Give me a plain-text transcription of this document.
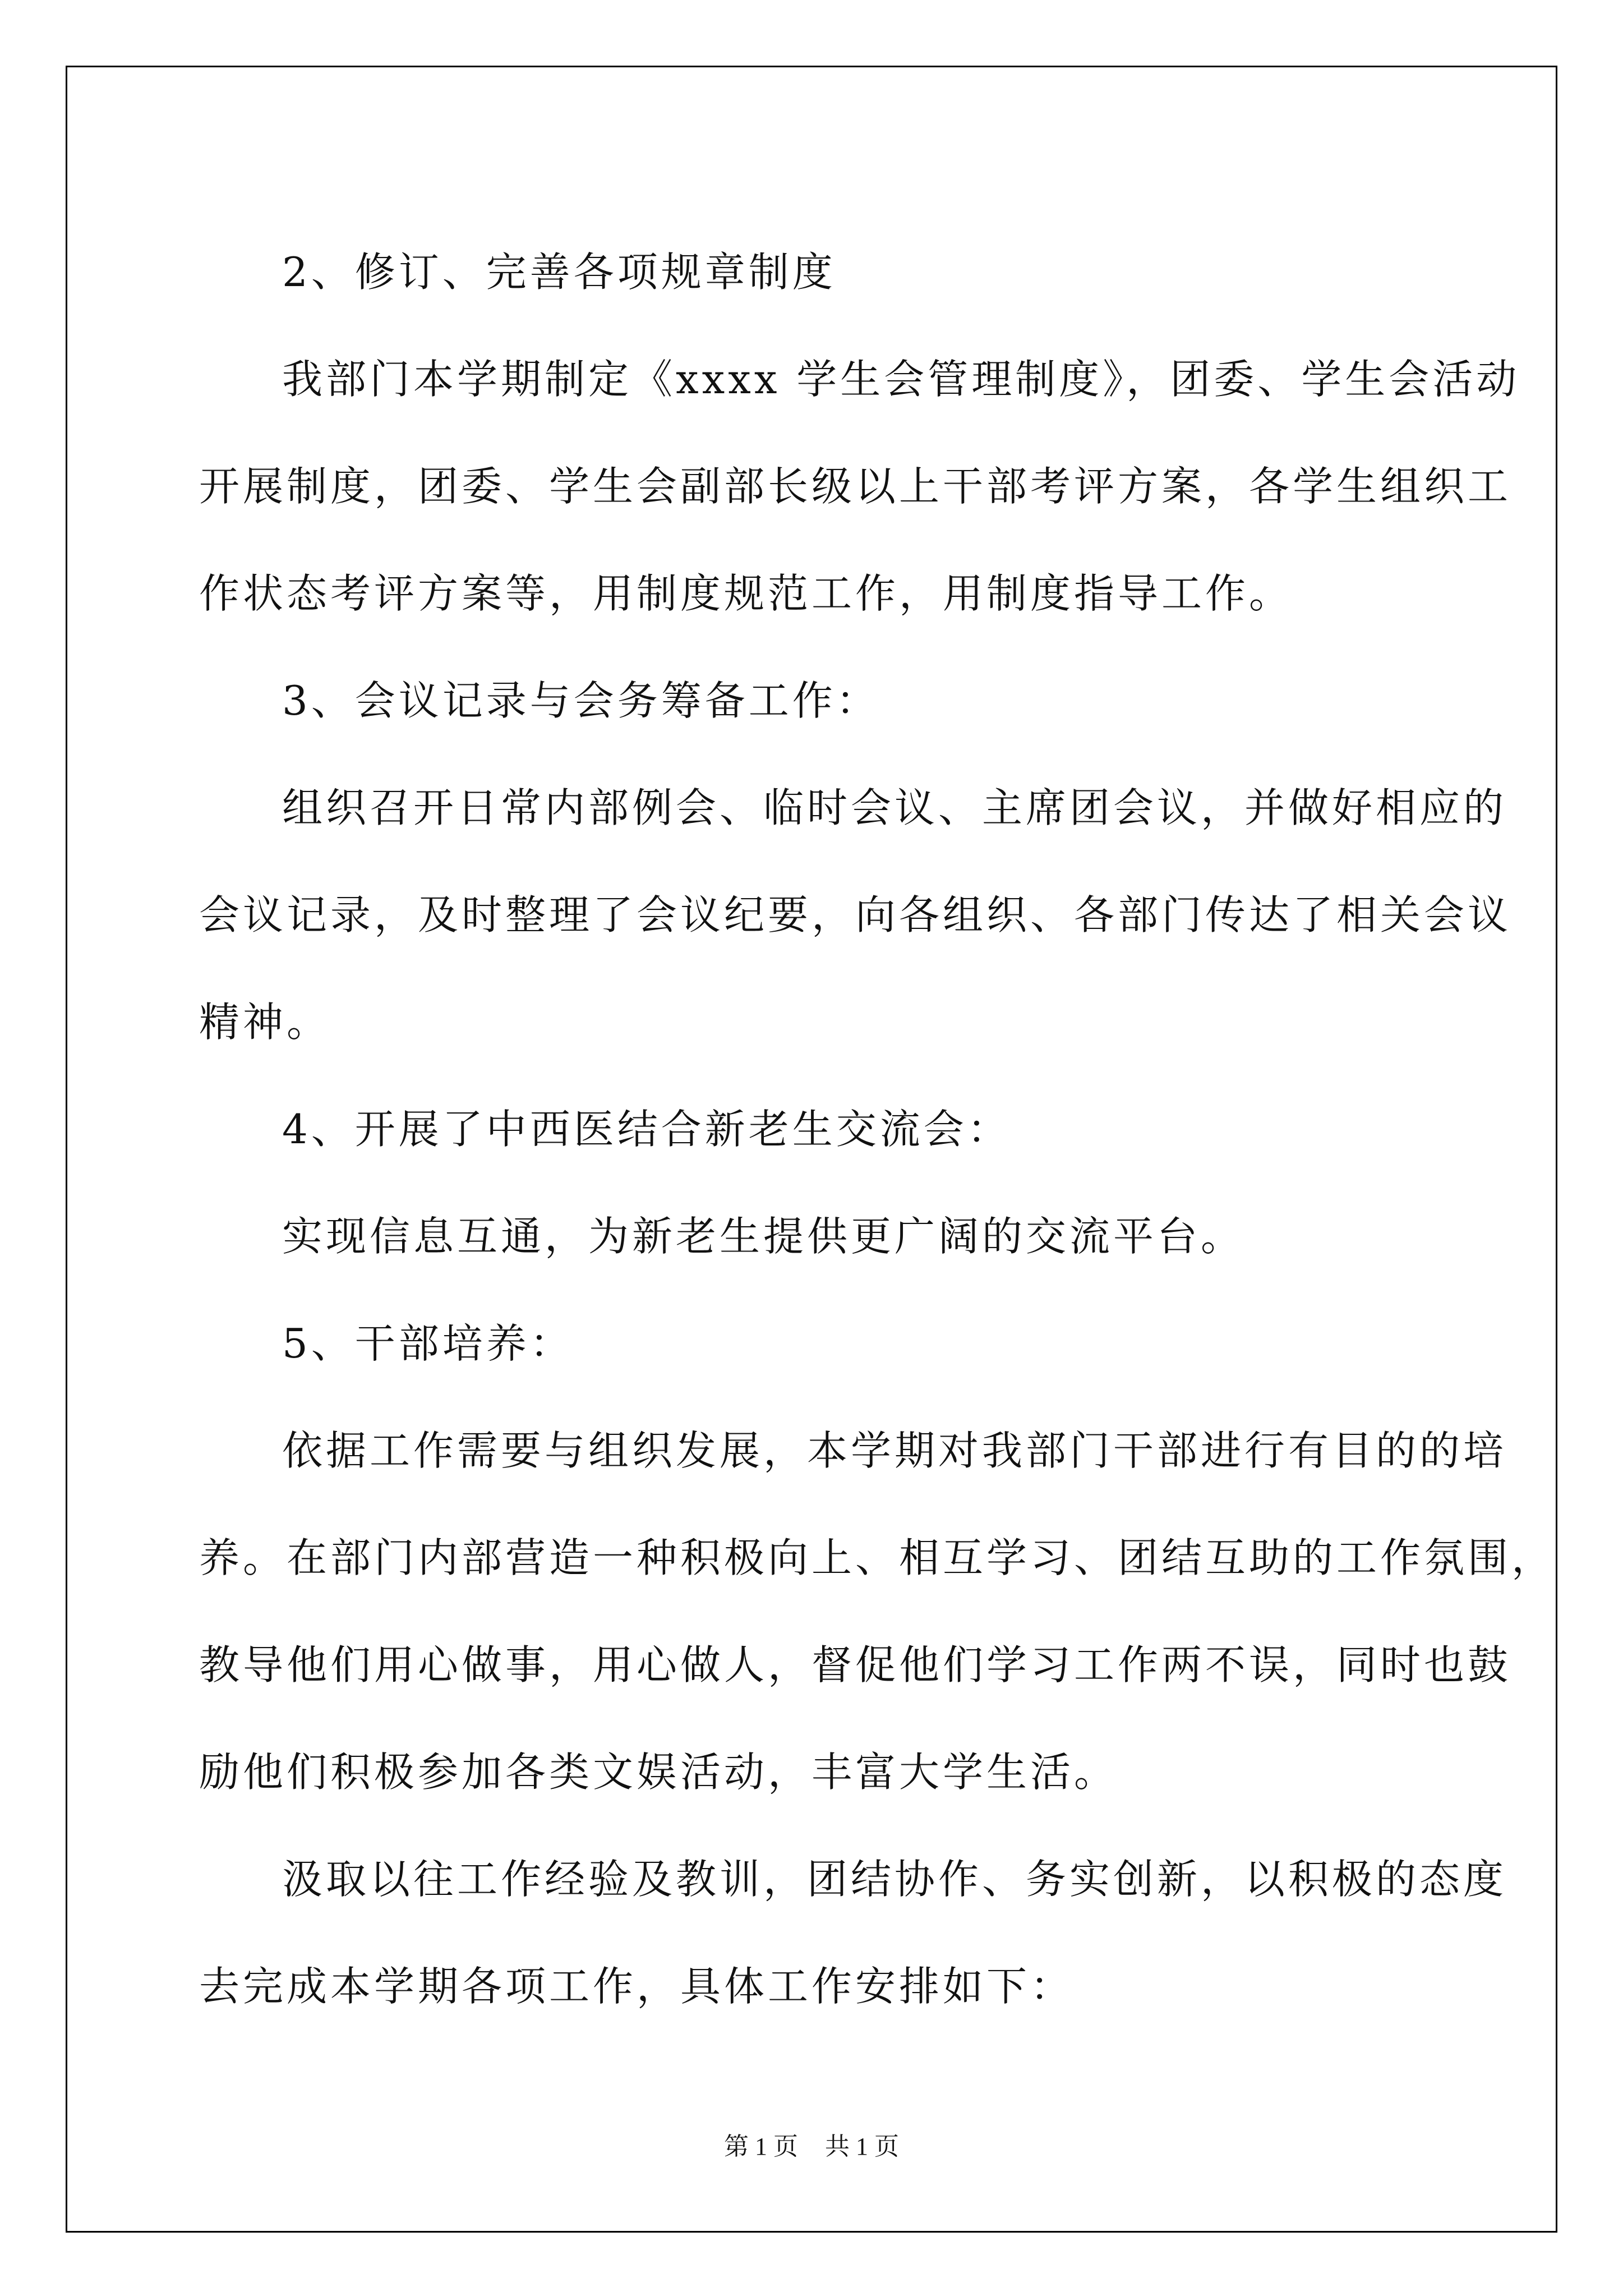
2、修订、完善各项规章制度

我部门本学期制定《xxxx 学生会管理制度》，团委、学生会活动
开展制度，团委、学生会副部长级以上干部考评方案，各学生组织工
作状态考评方案等，用制度规范工作，用制度指导工作。

3、会议记录与会务筹备工作：

组织召开日常内部例会、临时会议、主席团会议，并做好相应的
会议记录，及时整理了会议纪要，向各组织、各部门传达了相关会议
精神。

4、开展了中西医结合新老生交流会：

实现信息互通，为新老生提供更广阔的交流平台。

5、干部培养：

依据工作需要与组织发展，本学期对我部门干部进行有目的的培
养。在部门内部营造一种积极向上、相互学习、团结互助的工作氛围，
教导他们用心做事，用心做人，督促他们学习工作两不误，同时也鼓
励他们积极参加各类文娱活动，丰富大学生活。

汲取以往工作经验及教训，团结协作、务实创新，以积极的态度
去完成本学期各项工作，具体工作安排如下：

第 1 页 共 1 页
